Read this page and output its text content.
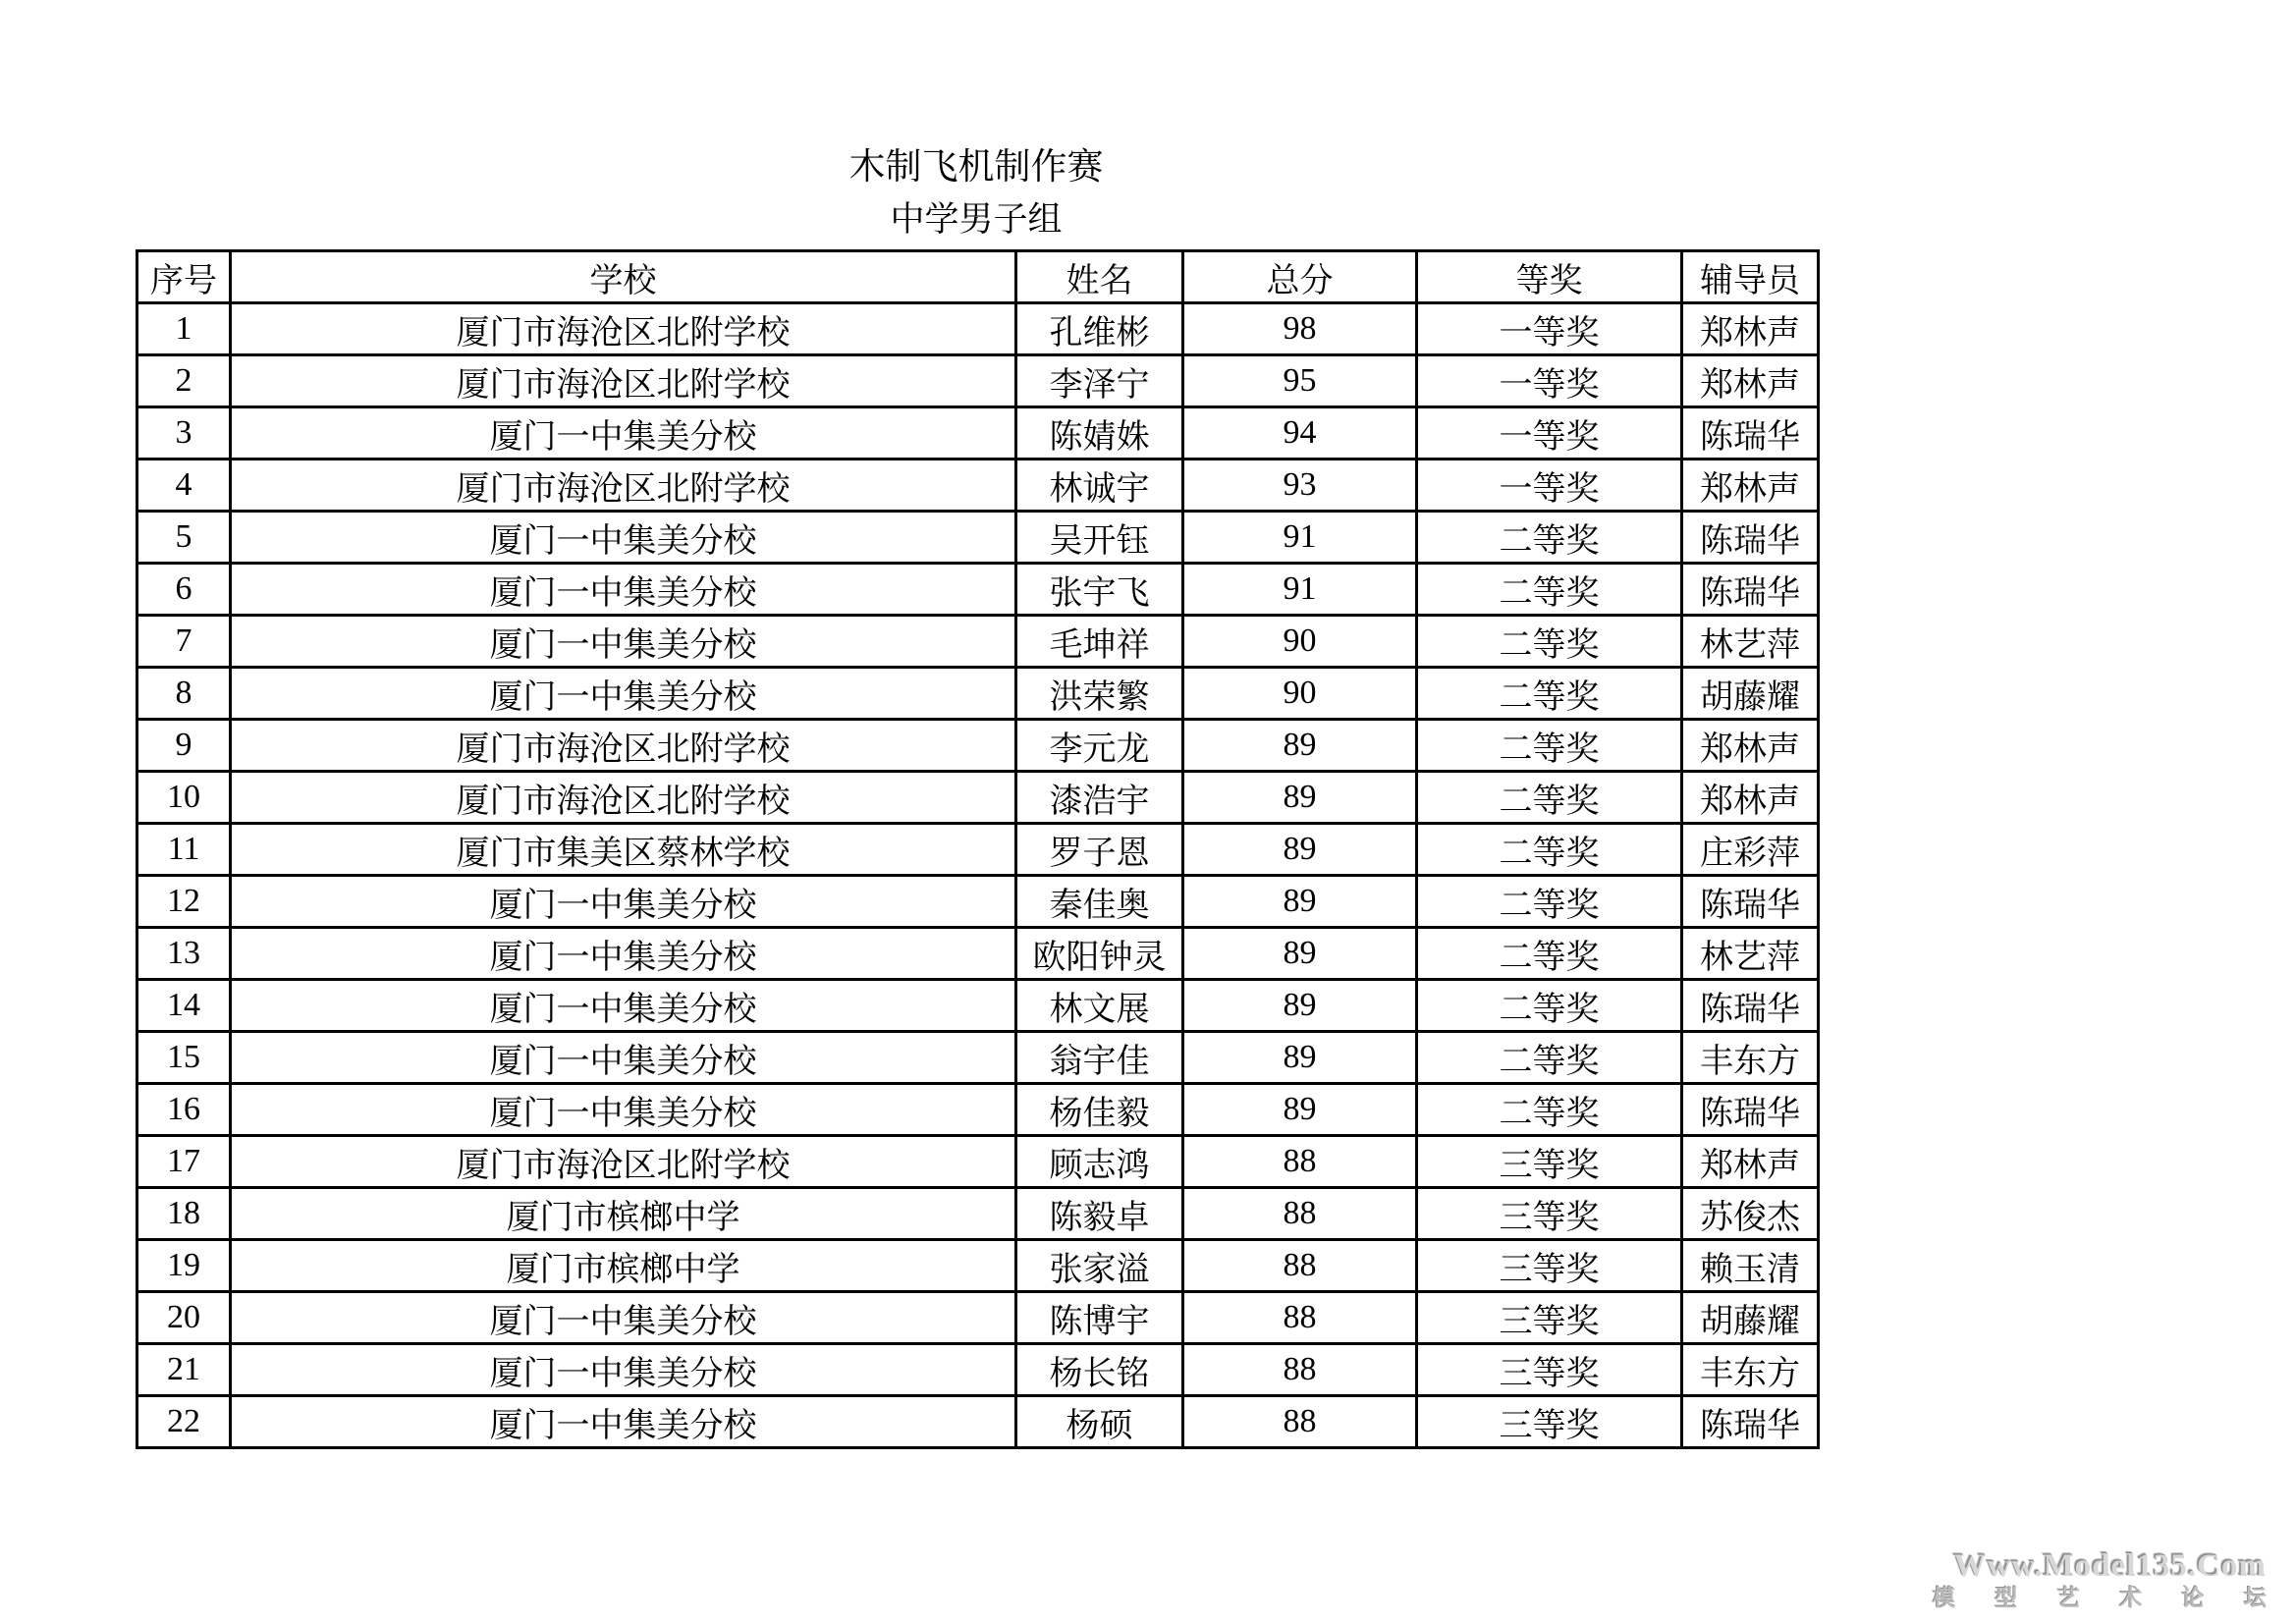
木制飞机制作赛
中学男子组
序号	学校	姓名	总分	等奖	辅导员
1	厦门市海沧区北附学校	孔维彬	98	一等奖	郑林声
2	厦门市海沧区北附学校	李泽宁	95	一等奖	郑林声
3	厦门一中集美分校	陈婧姝	94	一等奖	陈瑞华
4	厦门市海沧区北附学校	林诚宇	93	一等奖	郑林声
5	厦门一中集美分校	吴开钰	91	二等奖	陈瑞华
6	厦门一中集美分校	张宇飞	91	二等奖	陈瑞华
7	厦门一中集美分校	毛坤祥	90	二等奖	林艺萍
8	厦门一中集美分校	洪荣繁	90	二等奖	胡藤耀
9	厦门市海沧区北附学校	李元龙	89	二等奖	郑林声
10	厦门市海沧区北附学校	漆浩宇	89	二等奖	郑林声
11	厦门市集美区蔡林学校	罗子恩	89	二等奖	庄彩萍
12	厦门一中集美分校	秦佳奥	89	二等奖	陈瑞华
13	厦门一中集美分校	欧阳钟灵	89	二等奖	林艺萍
14	厦门一中集美分校	林文展	89	二等奖	陈瑞华
15	厦门一中集美分校	翁宇佳	89	二等奖	丰东方
16	厦门一中集美分校	杨佳毅	89	二等奖	陈瑞华
17	厦门市海沧区北附学校	顾志鸿	88	三等奖	郑林声
18	厦门市槟榔中学	陈毅卓	88	三等奖	苏俊杰
19	厦门市槟榔中学	张家溢	88	三等奖	赖玉清
20	厦门一中集美分校	陈博宇	88	三等奖	胡藤耀
21	厦门一中集美分校	杨长铭	88	三等奖	丰东方
22	厦门一中集美分校	杨硕	88	三等奖	陈瑞华
Www.Model135.Com
模 型 艺 术 论 坛
